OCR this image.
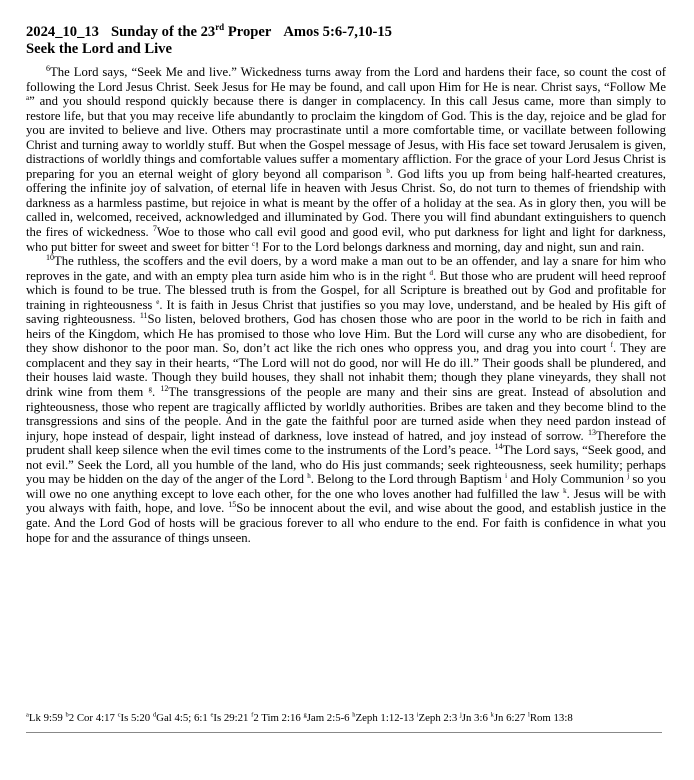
2024_10_13 Sunday of the 23rd Proper Amos 5:6-7,10-15
Seek the Lord and Live

$^6$The Lord says, “Seek Me and live.” Wickedness turns away from the Lord and hardens their face, so count the cost of following the Lord Jesus Christ. Seek Jesus for He may be found, and call upon Him for He is near. Christ says, “Follow Me $^a$” and you should respond quickly because there is danger in complacency. In this call Jesus came, more than simply to restore life, but that you may receive life abundantly to proclaim the kingdom of God. This is the day, rejoice and be glad for you are invited to believe and live. Others may procrastinate until a more comfortable time, or vacillate between following Christ and turning away to worldly stuff. But when the Gospel message of Jesus, with His face set toward Jerusalem is given, distractions of worldly things and comfortable values suffer a momentary affliction. For the grace of your Lord Jesus Christ is preparing for you an eternal weight of glory beyond all comparison $^b$. God lifts you up from being half-hearted creatures, offering the infinite joy of salvation, of eternal life in heaven with Jesus Christ. So, do not turn to themes of friendship with darkness as a harmless pastime, but rejoice in what is meant by the offer of a holiday at the sea. As in glory then, you will be called in, welcomed, received, acknowledged and illuminated by God. There you will find abundant extinguishers to quench the fires of wickedness. $^7$Woe to those who call evil good and good evil, who put darkness for light and light for darkness, who put bitter for sweet and sweet for bitter $^c$! For to the Lord belongs darkness and morning, day and night, sun and rain.

$^{10}$The ruthless, the scoffers and the evil doers, by a word make a man out to be an offender, and lay a snare for him who reproves in the gate, and with an empty plea turn aside him who is in the right $^d$. But those who are prudent will heed reproof which is found to be true. The blessed truth is from the Gospel, for all Scripture is breathed out by God and profitable for training in righteousness $^e$. It is faith in Jesus Christ that justifies so you may love, understand, and be healed by His gift of saving righteousness. $^{11}$So listen, beloved brothers, God has chosen those who are poor in the world to be rich in faith and heirs of the Kingdom, which He has promised to those who love Him. But the Lord will curse any who are disobedient, for they show dishonor to the poor man. So, don’t act like the rich ones who oppress you, and drag you into court $^f$. They are complacent and they say in their hearts, “The Lord will not do good, nor will He do ill.” Their goods shall be plundered, and their houses laid waste. Though they build houses, they shall not inhabit them; though they plane vineyards, they shall not drink wine from them $^g$. $^{12}$The transgressions of the people are many and their sins are great. Instead of absolution and righteousness, those who repent are tragically afflicted by worldly authorities. Bribes are taken and they become blind to the transgressions and sins of the people. And in the gate the faithful poor are turned aside when they need pardon instead of injury, hope instead of despair, light instead of darkness, love instead of hatred, and joy instead of sorrow. $^{13}$Therefore the prudent shall keep silence when the evil times come to the instruments of the Lord’s peace. $^{14}$The Lord says, “Seek good, and not evil.” Seek the Lord, all you humble of the land, who do His just commands; seek righteousness, seek humility; perhaps you may be hidden on the day of the anger of the Lord $^h$. Belong to the Lord through Baptism $^i$ and Holy Communion $^j$ so you will owe no one anything except to love each other, for the one who loves another had fulfilled the law $^k$. Jesus will be with you always with faith, hope, and love. $^{15}$So be innocent about the evil, and wise about the good, and establish justice in the gate. And the Lord God of hosts will be gracious forever to all who endure to the end. For faith is confidence in what you hope for and the assurance of things unseen.

$^a$Lk 9:59 $^b$2 Cor 4:17 $^c$Is 5:20 $^d$Gal 4:5; 6:1 $^e$Is 29:21 $^f$2 Tim 2:16 $^g$Jam 2:5-6 $^h$Zeph 1:12-13 $^i$Zeph 2:3 $^j$Jn 3:6 $^k$Jn 6:27 $^l$Rom 13:8
